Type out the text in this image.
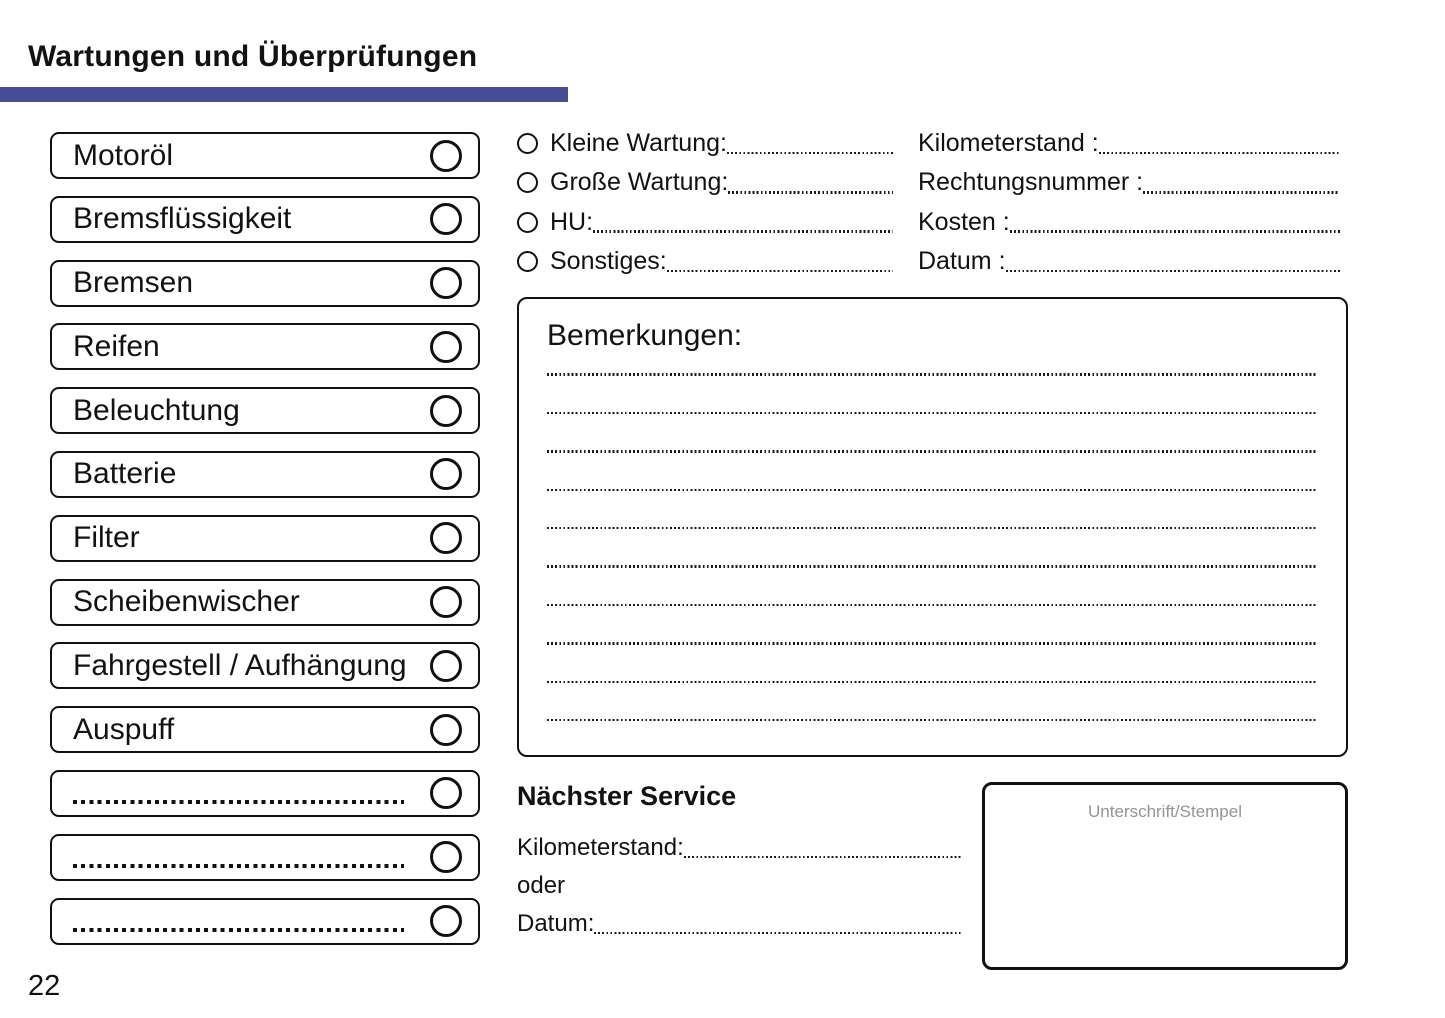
Wartungen und Überprüfungen
Motoröl
Bremsflüssigkeit
Bremsen
Reifen
Beleuchtung
Batterie
Filter
Scheibenwischer
Fahrgestell / Aufhängung
Auspuff
Kleine Wartung:
Große Wartung:
HU:
Sonstiges:
Kilometerstand :
Rechtungsnummer :
Kosten :
Datum :
Bemerkungen:
Nächster Service
Kilometerstand:
oder
Datum:
Unterschrift/Stempel
22
